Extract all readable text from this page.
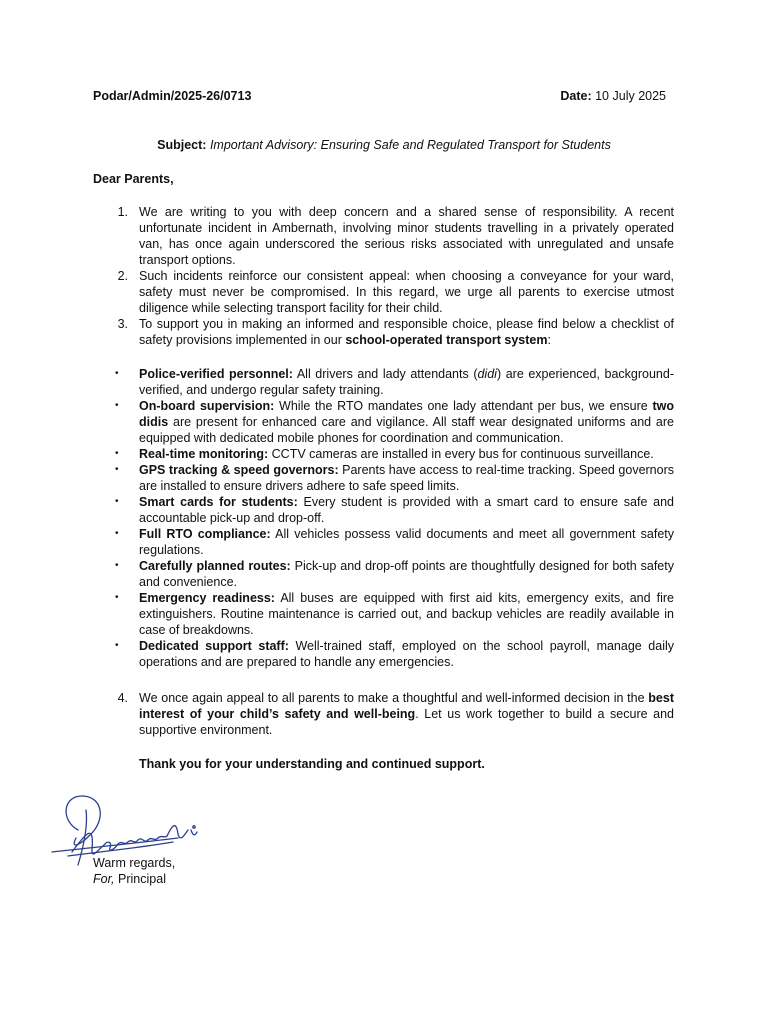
Podar/Admin/2025-26/0713	Date: 10 July 2025
Subject: Important Advisory: Ensuring Safe and Regulated Transport for Students
Dear Parents,
1. We are writing to you with deep concern and a shared sense of responsibility. A recent unfortunate incident in Ambernath, involving minor students travelling in a privately operated van, has once again underscored the serious risks associated with unregulated and unsafe transport options.
2. Such incidents reinforce our consistent appeal: when choosing a conveyance for your ward, safety must never be compromised. In this regard, we urge all parents to exercise utmost diligence while selecting transport facility for their child.
3. To support you in making an informed and responsible choice, please find below a checklist of safety provisions implemented in our school-operated transport system:
•	Police-verified personnel: All drivers and lady attendants (didi) are experienced, background-verified, and undergo regular safety training.
•	On-board supervision: While the RTO mandates one lady attendant per bus, we ensure two didis are present for enhanced care and vigilance. All staff wear designated uniforms and are equipped with dedicated mobile phones for coordination and communication.
•	Real-time monitoring: CCTV cameras are installed in every bus for continuous surveillance.
•	GPS tracking & speed governors: Parents have access to real-time tracking. Speed governors are installed to ensure drivers adhere to safe speed limits.
•	Smart cards for students: Every student is provided with a smart card to ensure safe and accountable pick-up and drop-off.
•	Full RTO compliance: All vehicles possess valid documents and meet all government safety regulations.
•	Carefully planned routes: Pick-up and drop-off points are thoughtfully designed for both safety and convenience.
•	Emergency readiness: All buses are equipped with first aid kits, emergency exits, and fire extinguishers. Routine maintenance is carried out, and backup vehicles are readily available in case of breakdowns.
•	Dedicated support staff: Well-trained staff, employed on the school payroll, manage daily operations and are prepared to handle any emergencies.
4. We once again appeal to all parents to make a thoughtful and well-informed decision in the best interest of your child’s safety and well-being. Let us work together to build a secure and supportive environment.
Thank you for your understanding and continued support.
Warm regards,
For, Principal
